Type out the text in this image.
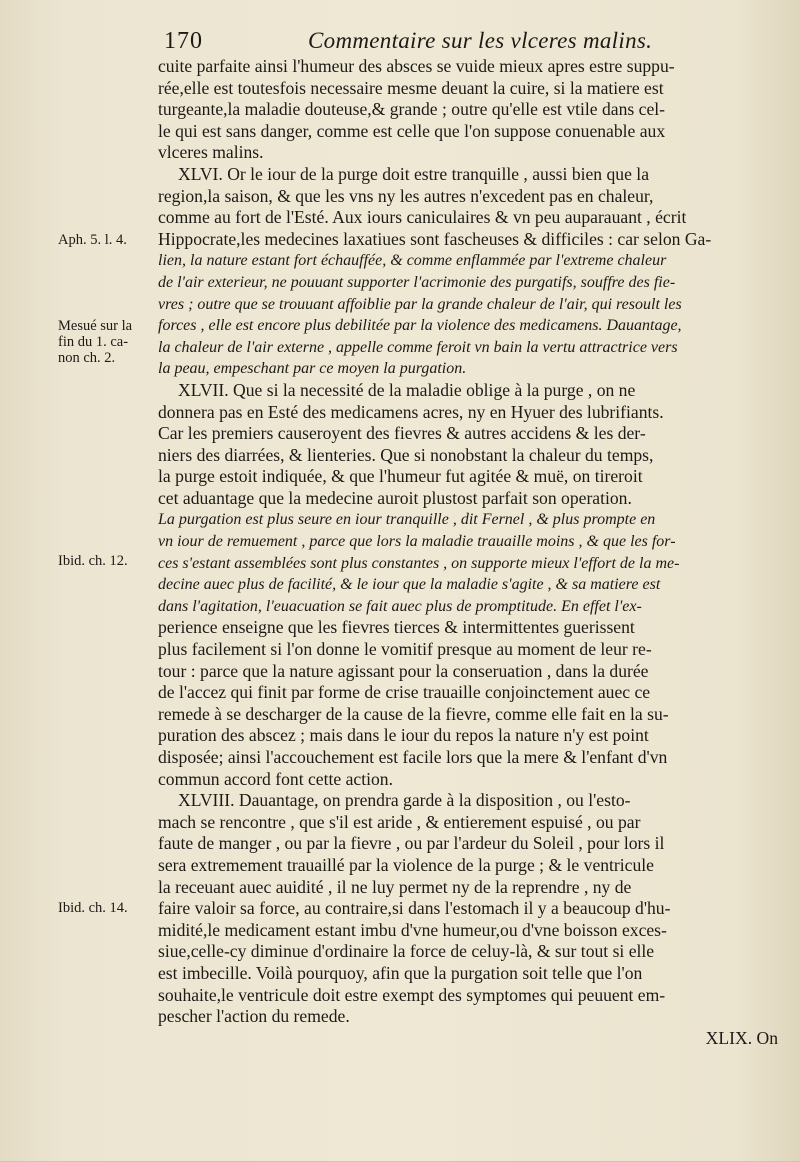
170	Commentaire sur les vlceres malins.
Aph. 5. l. 4.
Mesué sur la
fin du 1. ca-
non ch. 2.
Ibid. ch. 12.
Ibid. ch. 14.
cuite parfaite ainsi l'humeur des absces se vuide mieux apres estre suppu-
rée,elle est toutesfois necessaire mesme deuant la cuire, si la matiere est
turgeante,la maladie douteuse,& grande ; outre qu'elle est vtile dans cel-
le qui est sans danger, comme est celle que l'on suppose conuenable aux
vlceres malins.
XLVI. Or le iour de la purge doit estre tranquille , aussi bien que la
region,la saison, & que les vns ny les autres n'excedent pas en chaleur,
comme au fort de l'Esté. Aux iours caniculaires & vn peu auparauant , écrit
Hippocrate,les medecines laxatiues sont fascheuses & difficiles : car selon Ga-
lien, la nature estant fort échauffée, & comme enflammée par l'extreme chaleur
de l'air exterieur, ne pouuant supporter l'acrimonie des purgatifs, souffre des fie-
vres ; outre que se trouuant affoiblie par la grande chaleur de l'air, qui resoult les
forces , elle est encore plus debilitée par la violence des medicamens. Dauantage,
la chaleur de l'air externe , appelle comme feroit vn bain la vertu attractrice vers
la peau, empeschant par ce moyen la purgation.
XLVII. Que si la necessité de la maladie oblige à la purge , on ne
donnera pas en Esté des medicamens acres, ny en Hyuer des lubrifiants.
Car les premiers causeroyent des fievres & autres accidens & les der-
niers des diarrées, & lienteries. Que si nonobstant la chaleur du temps,
la purge estoit indiquée, & que l'humeur fut agitée & muë, on tireroit
cet aduantage que la medecine auroit plustost parfait son operation.
La purgation est plus seure en iour tranquille , dit Fernel , & plus prompte en
vn iour de remuement , parce que lors la maladie trauaille moins , & que les for-
ces s'estant assemblées sont plus constantes , on supporte mieux l'effort de la me-
decine auec plus de facilité, & le iour que la maladie s'agite , & sa matiere est
dans l'agitation, l'euacuation se fait auec plus de promptitude. En effet l'ex-
perience enseigne que les fievres tierces & intermittentes guerissent
plus facilement si l'on donne le vomitif presque au moment de leur re-
tour : parce que la nature agissant pour la conseruation , dans la durée
de l'accez qui finit par forme de crise trauaille conjoinctement auec ce
remede à se descharger de la cause de la fievre, comme elle fait en la su-
puration des abscez ; mais dans le iour du repos la nature n'y est point
disposée; ainsi l'accouchement est facile lors que la mere & l'enfant d'vn
commun accord font cette action.
XLVIII. Dauantage, on prendra garde à la disposition , ou l'esto-
mach se rencontre , que s'il est aride , & entierement espuisé , ou par
faute de manger , ou par la fievre , ou par l'ardeur du Soleil , pour lors il
sera extremement trauaillé par la violence de la purge ; & le ventricule
la receuant auec auidité , il ne luy permet ny de la reprendre , ny de
faire valoir sa force, au contraire,si dans l'estomach il y a beaucoup d'hu-
midité,le medicament estant imbu d'vne humeur,ou d'vne boisson exces-
siue,celle-cy diminue d'ordinaire la force de celuy-là, & sur tout si elle
est imbecille. Voilà pourquoy, afin que la purgation soit telle que l'on
souhaite,le ventricule doit estre exempt des symptomes qui peuuent em-
pescher l'action du remede.
XLIX. On
